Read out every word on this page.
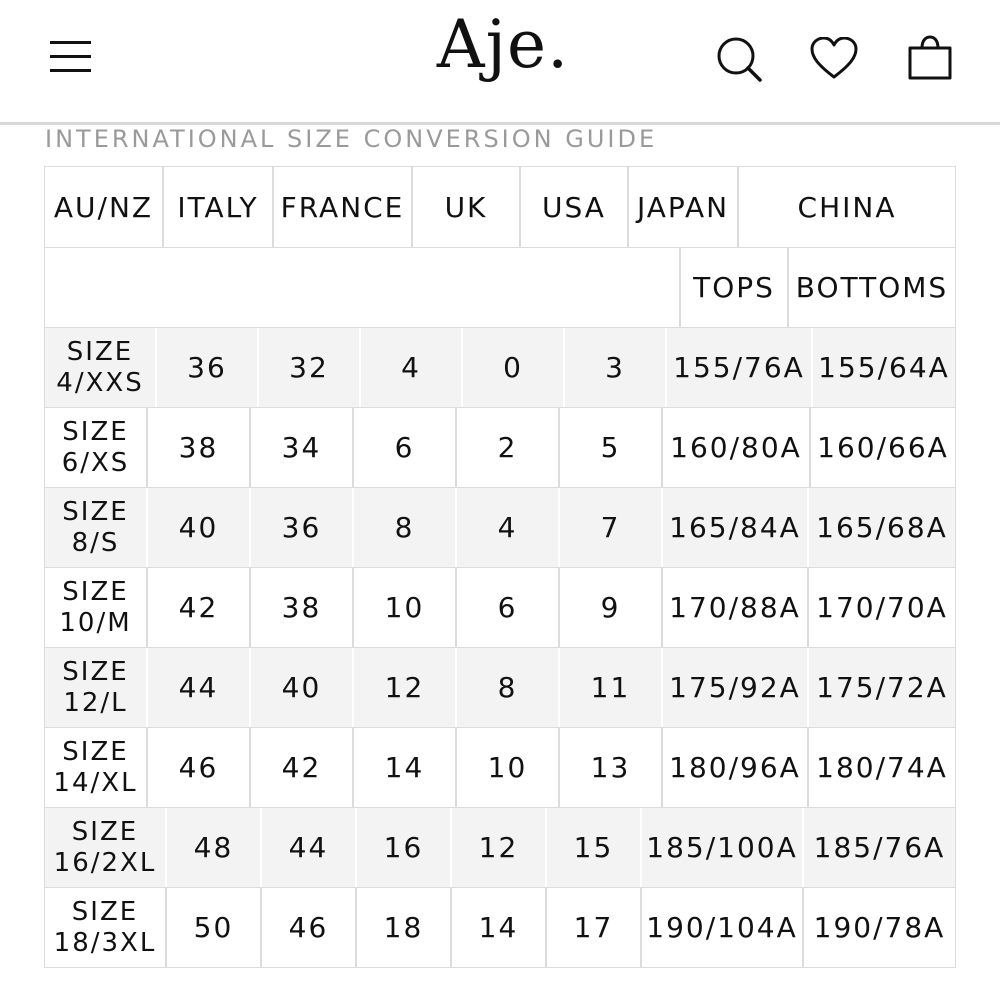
Aje.
INTERNATIONAL SIZE CONVERSION GUIDE
AU/NZ ITALY FRANCE	UK	USA	JAPAN	CHINA
TOPS BOTTOMS
SIZE
4/XXS	36	32	4	0	3	155/76A 155/64A
SIZE
6/XS	38	34	6	2	5	160/80A 160/66A
SIZE
8/S	40	36	8	4	7	165/84A 165/68A
SIZE
10/M	42	38	10	6	9	170/88A 170/70A
SIZE
12/L	44	40	12	8	11	175/92A 175/72A
SIZE
14/XL	46	42	14	10	13	180/96A 180/74A
SIZE
16/2XL	48	44	16	12	15	185/100A 185/76A
SIZE
18/3XL	50	46	18	14	17	190/104A 190/78A
